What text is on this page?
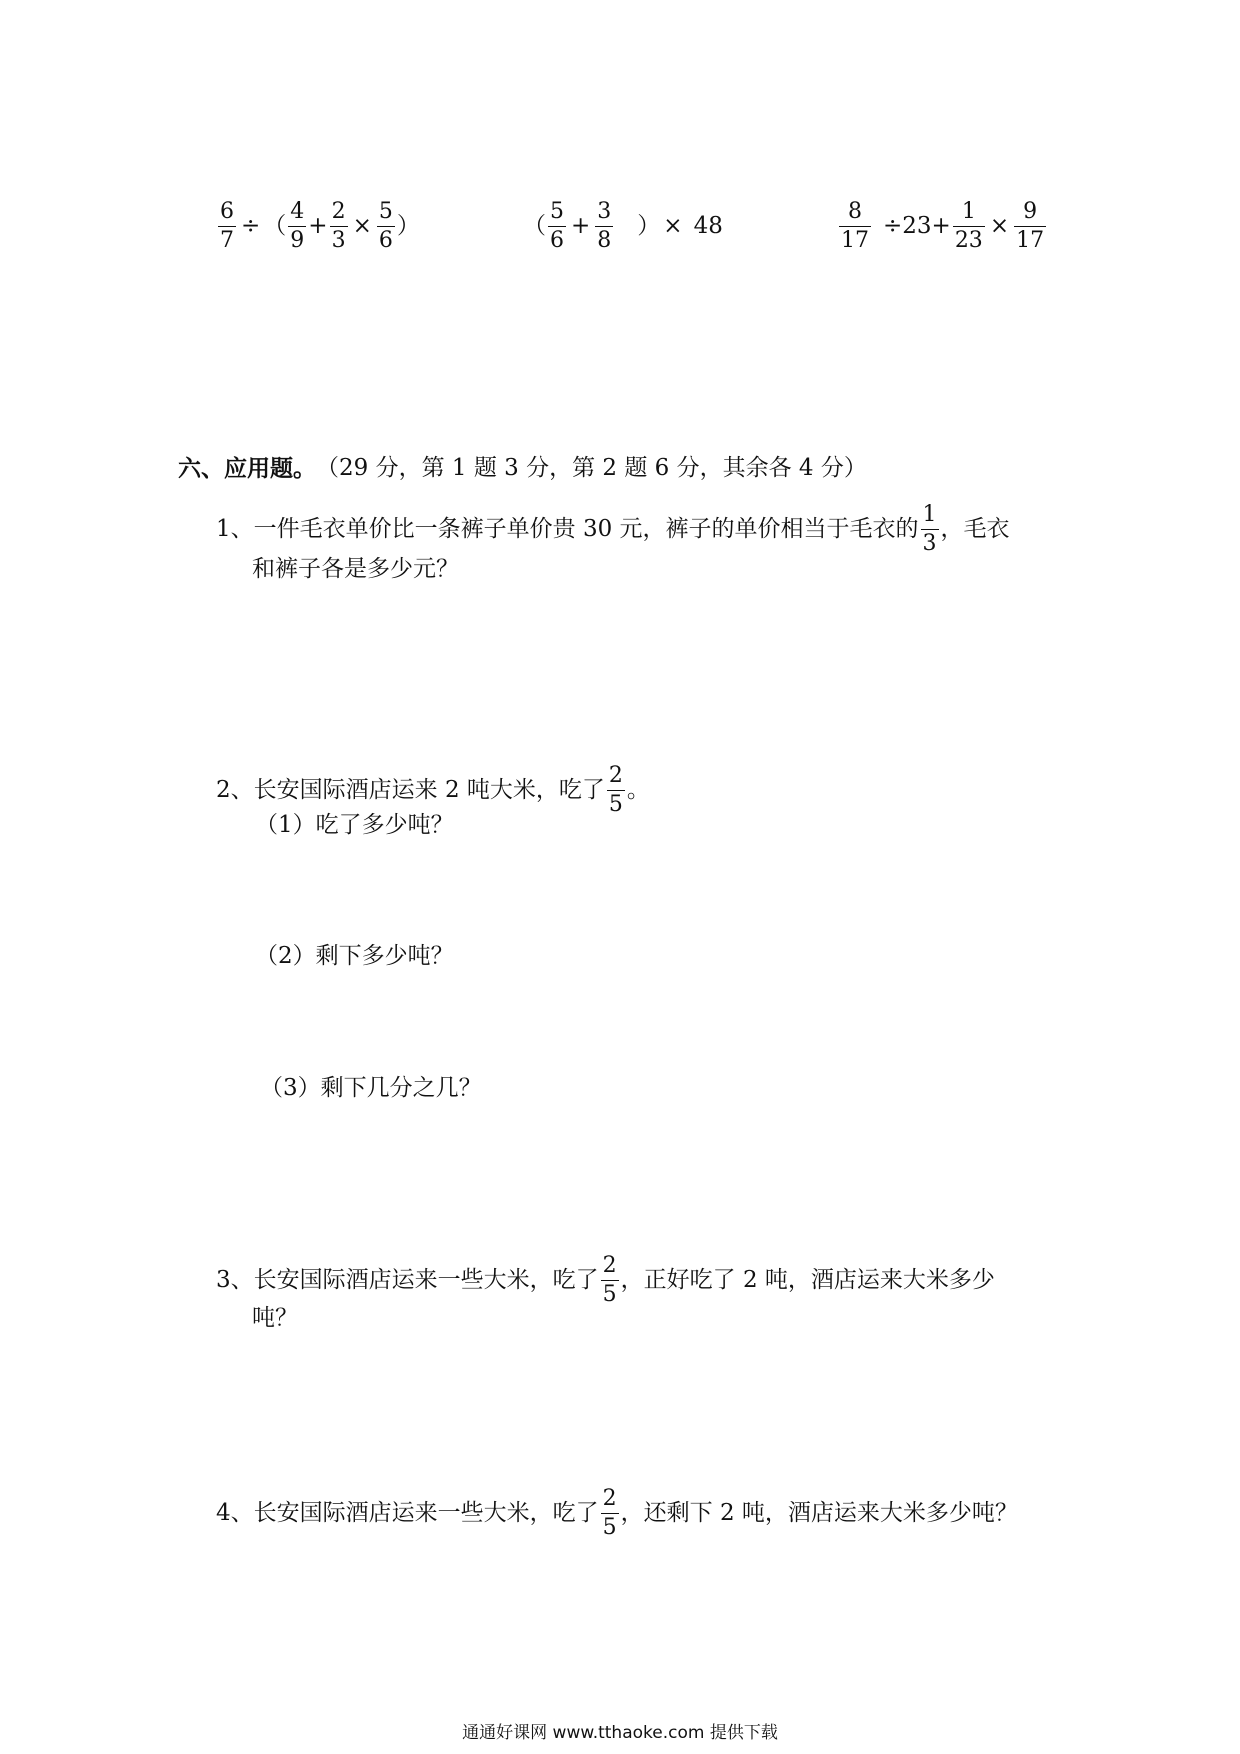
$\frac{6}{7}$ ÷ （ $\frac{4}{9} + \frac{2}{3} \times \frac{5}{6}$ ）	（ $\frac{5}{6} + \frac{3}{8}$ ） × 48	$\frac{8}{17} \div 23+ \frac{1}{23} \times \frac{9}{17}$
六、应用题。 （29 分，第 1 题 3 分，第 2 题 6 分，其余各 4 分）
1、一件毛衣单价比一条裤子单价贵 30 元，裤子的单价相当于毛衣的 $\frac{1}{3}$ ，毛衣
和裤子各是多少元？
2、长安国际酒店运来 2 吨大米，吃了 $\frac{2}{5}$ 。
（1）吃了多少吨？
（2）剩下多少吨？
（3）剩下几分之几？
3、长安国际酒店运来一些大米，吃了 $\frac{2}{5}$ ，正好吃了 2 吨，酒店运来大米多少
吨？
4、长安国际酒店运来一些大米，吃了 $\frac{2}{5}$ ，还剩下 2 吨，酒店运来大米多少吨？
通通好课网 www.tthaoke.com 提供下载
